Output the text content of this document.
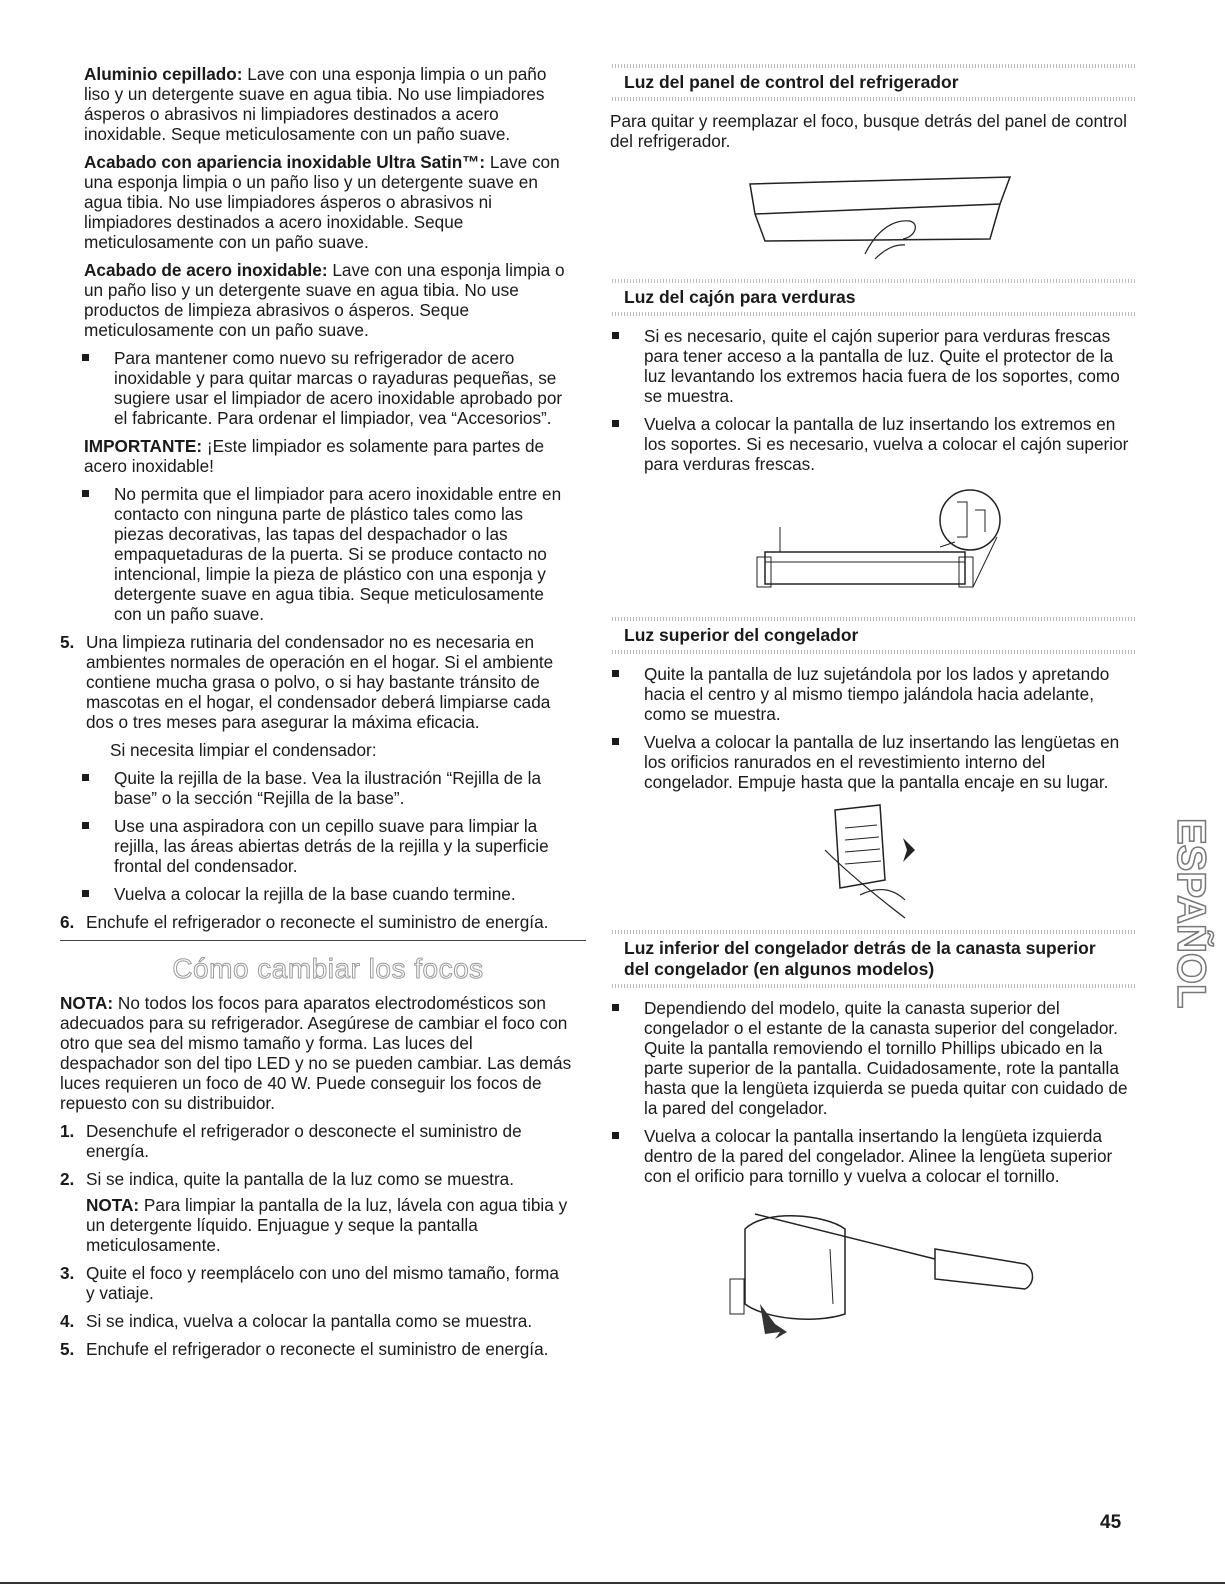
Aluminio cepillado: Lave con una esponja limpia o un paño liso y un detergente suave en agua tibia. No use limpiadores ásperos o abrasivos ni limpiadores destinados a acero inoxidable. Seque meticulosamente con un paño suave.

Acabado con apariencia inoxidable Ultra Satin™: Lave con una esponja limpia o un paño liso y un detergente suave en agua tibia. No use limpiadores ásperos o abrasivos ni limpiadores destinados a acero inoxidable. Seque meticulosamente con un paño suave.

Acabado de acero inoxidable: Lave con una esponja limpia o un paño liso y un detergente suave en agua tibia. No use productos de limpieza abrasivos o ásperos. Seque meticulosamente con un paño suave.

Para mantener como nuevo su refrigerador de acero inoxidable y para quitar marcas o rayaduras pequeñas, se sugiere usar el limpiador de acero inoxidable aprobado por el fabricante. Para ordenar el limpiador, vea “Accesorios”.

IMPORTANTE: ¡Este limpiador es solamente para partes de acero inoxidable!

No permita que el limpiador para acero inoxidable entre en contacto con ninguna parte de plástico tales como las piezas decorativas, las tapas del despachador o las empaquetaduras de la puerta. Si se produce contacto no intencional, limpie la pieza de plástico con una esponja y detergente suave en agua tibia. Seque meticulosamente con un paño suave.
5. Una limpieza rutinaria del condensador no es necesaria en ambientes normales de operación en el hogar. Si el ambiente contiene mucha grasa o polvo, o si hay bastante tránsito de mascotas en el hogar, el condensador deberá limpiarse cada dos o tres meses para asegurar la máxima eficacia.

Si necesita limpiar el condensador:

Quite la rejilla de la base. Vea la ilustración “Rejilla de la base” o la sección “Rejilla de la base”.
Use una aspiradora con un cepillo suave para limpiar la rejilla, las áreas abiertas detrás de la rejilla y la superficie frontal del condensador.
Vuelva a colocar la rejilla de la base cuando termine.
6. Enchufe el refrigerador o reconecte el suministro de energía.
Cómo cambiar los focos

NOTA: No todos los focos para aparatos electrodomésticos son adecuados para su refrigerador. Asegúrese de cambiar el foco con otro que sea del mismo tamaño y forma. Las luces del despachador son del tipo LED y no se pueden cambiar. Las demás luces requieren un foco de 40 W. Puede conseguir los focos de repuesto con su distribuidor.

1. Desenchufe el refrigerador o desconecte el suministro de energía.
2. Si se indica, quite la pantalla de la luz como se muestra.

NOTA: Para limpiar la pantalla de la luz, lávela con agua tibia y un detergente líquido. Enjuague y seque la pantalla meticulosamente.

3. Quite el foco y reemplácelo con uno del mismo tamaño, forma y vatiaje.
4. Si se indica, vuelva a colocar la pantalla como se muestra.
5. Enchufe el refrigerador o reconecte el suministro de energía.
Luz del panel de control del refrigerador

Para quitar y reemplazar el foco, busque detrás del panel de control del refrigerador.

Luz del cajón para verduras
Si es necesario, quite el cajón superior para verduras frescas para tener acceso a la pantalla de luz. Quite el protector de la luz levantando los extremos hacia fuera de los soportes, como se muestra.
Vuelva a colocar la pantalla de luz insertando los extremos en los soportes. Si es necesario, vuelva a colocar el cajón superior para verduras frescas.
Luz superior del congelador
Quite la pantalla de luz sujetándola por los lados y apretando hacia el centro y al mismo tiempo jalándola hacia adelante, como se muestra.
Vuelva a colocar la pantalla de luz insertando las lengüetas en los orificios ranurados en el revestimiento interno del congelador. Empuje hasta que la pantalla encaje en su lugar.
Luz inferior del congelador detrás de la canasta superior del congelador (en algunos modelos)
Dependiendo del modelo, quite la canasta superior del congelador o el estante de la canasta superior del congelador. Quite la pantalla removiendo el tornillo Phillips ubicado en la parte superior de la pantalla. Cuidadosamente, rote la pantalla hasta que la lengüeta izquierda se pueda quitar con cuidado de la pared del congelador.
Vuelva a colocar la pantalla insertando la lengüeta izquierda dentro de la pared del congelador. Alinee la lengüeta superior con el orificio para tornillo y vuelva a colocar el tornillo.
ESPAÑOL
45
